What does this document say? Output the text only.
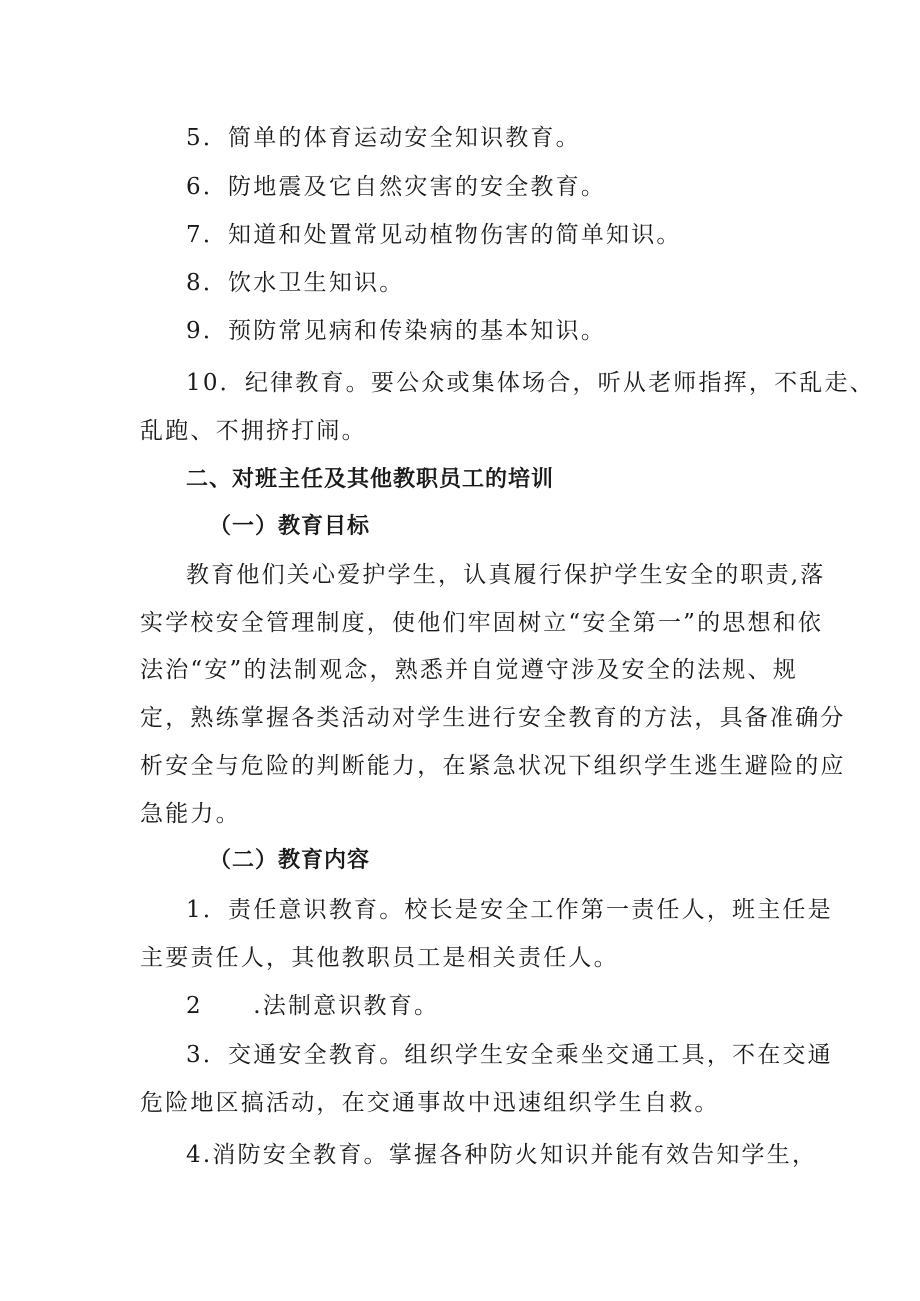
5．简单的体育运动安全知识教育。
6．防地震及它自然灾害的安全教育。
7．知道和处置常见动植物伤害的简单知识。
8．饮水卫生知识。
9．预防常见病和传染病的基本知识。
10．纪律教育。要公众或集体场合，听从老师指挥，不乱走、
乱跑、不拥挤打闹。
二、对班主任及其他教职员工的培训
（一）教育目标
教育他们关心爱护学生，认真履行保护学生安全的职责,落
实学校安全管理制度，使他们牢固树立“安全第一”的思想和依
法治“安”的法制观念，熟悉并自觉遵守涉及安全的法规、规
定，熟练掌握各类活动对学生进行安全教育的方法，具备准确分
析安全与危险的判断能力，在紧急状况下组织学生逃生避险的应
急能力。
（二）教育内容
1．责任意识教育。校长是安全工作第一责任人，班主任是
主要责任人，其他教职员工是相关责任人。
2　　.法制意识教育。
3．交通安全教育。组织学生安全乘坐交通工具，不在交通
危险地区搞活动，在交通事故中迅速组织学生自救。
4.消防安全教育。掌握各种防火知识并能有效告知学生，
